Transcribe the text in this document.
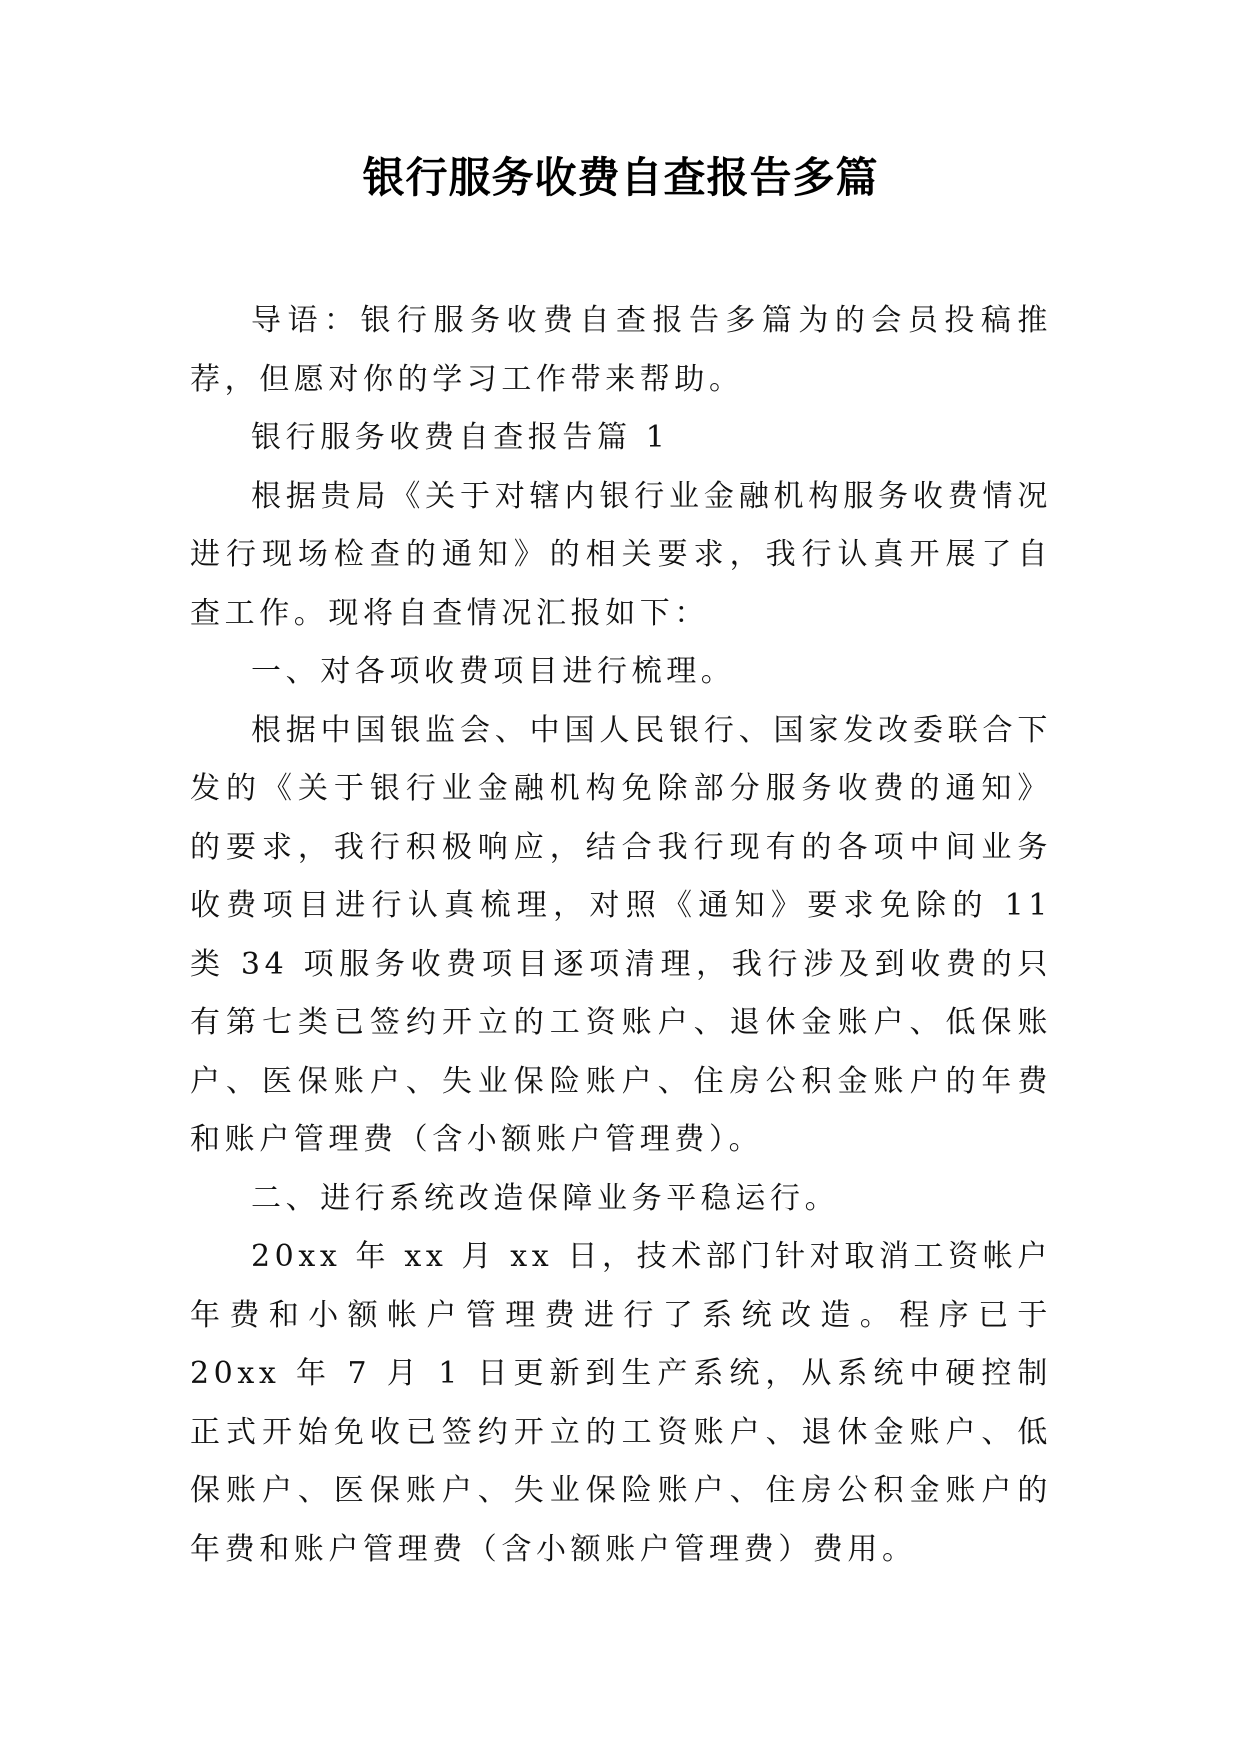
银行服务收费自查报告多篇

导语：银行服务收费自查报告多篇为的会员投稿推荐，但愿对你的学习工作带来帮助。

银行服务收费自查报告篇 1

根据贵局《关于对辖内银行业金融机构服务收费情况进行现场检查的通知》的相关要求，我行认真开展了自查工作。现将自查情况汇报如下：

一、对各项收费项目进行梳理。

根据中国银监会、中国人民银行、国家发改委联合下发的《关于银行业金融机构免除部分服务收费的通知》的要求，我行积极响应，结合我行现有的各项中间业务收费项目进行认真梳理，对照《通知》要求免除的 11 类 34 项服务收费项目逐项清理，我行涉及到收费的只有第七类已签约开立的工资账户、退休金账户、低保账户、医保账户、失业保险账户、住房公积金账户的年费和账户管理费（含小额账户管理费）。

二、进行系统改造保障业务平稳运行。

20xx 年 xx 月 xx 日，技术部门针对取消工资帐户年费和小额帐户管理费进行了系统改造。程序已于 20xx 年 7 月 1 日更新到生产系统，从系统中硬控制正式开始免收已签约开立的工资账户、退休金账户、低保账户、医保账户、失业保险账户、住房公积金账户的年费和账户管理费（含小额账户管理费）费用。
